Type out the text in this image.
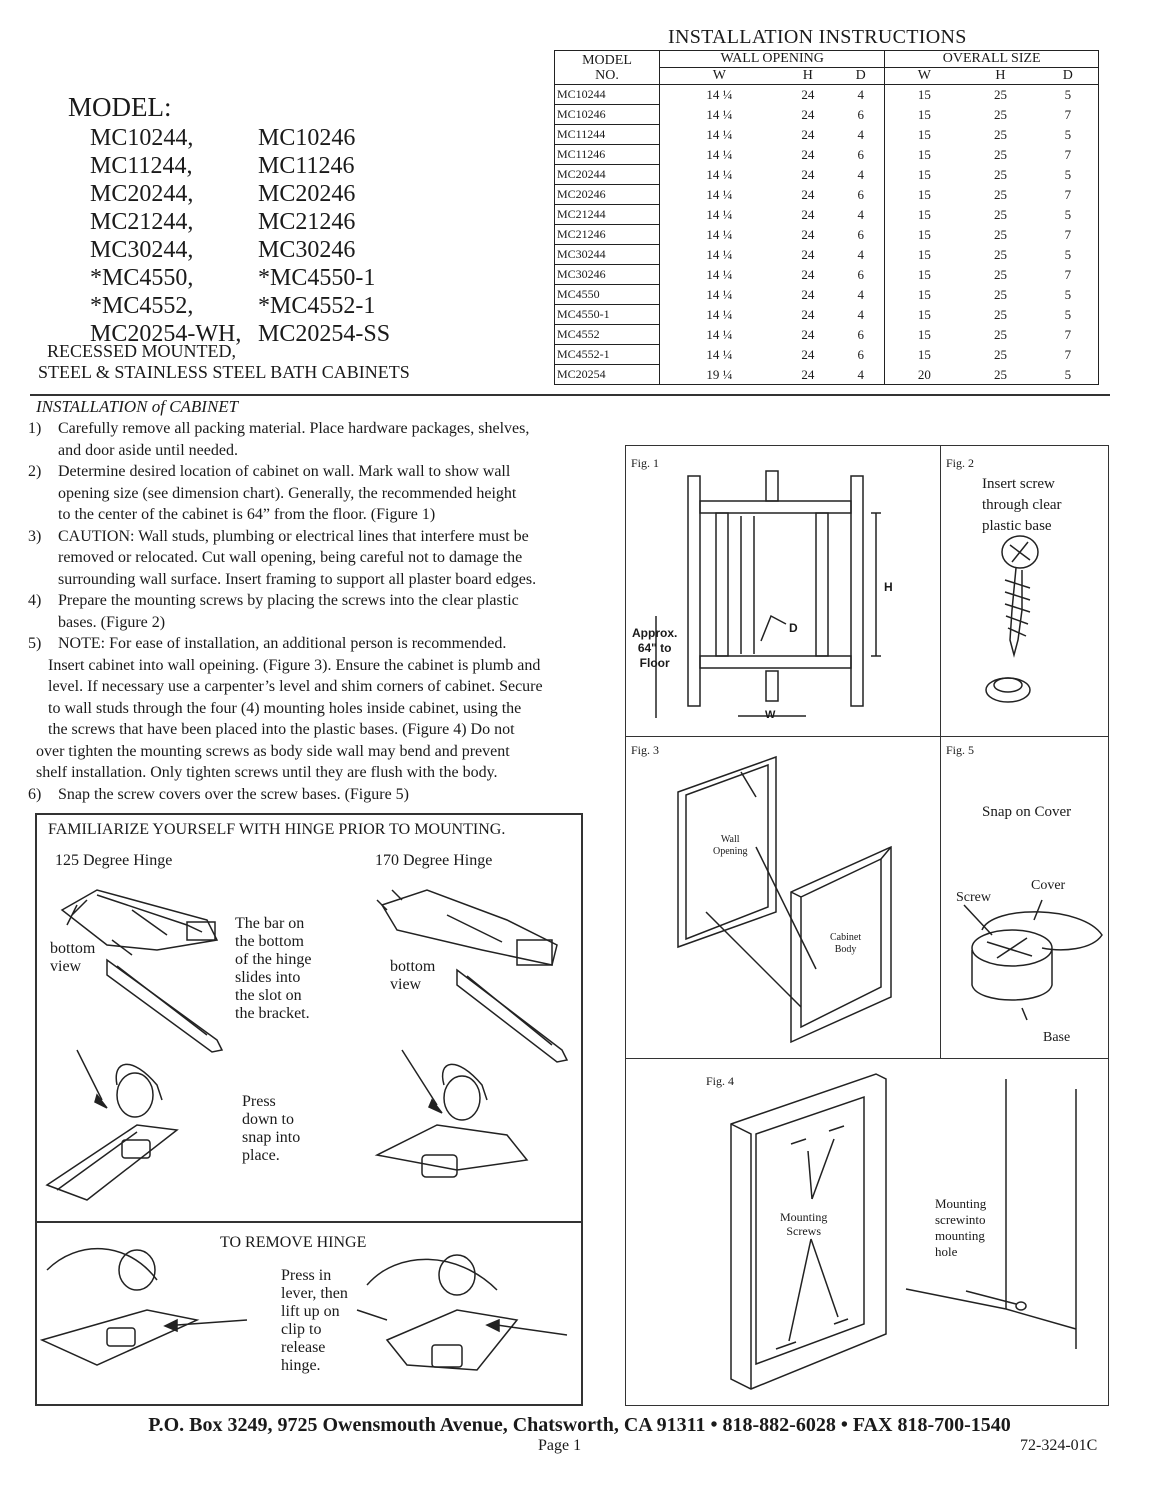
MODEL:
MC10244,	MC10246
MC11244,	MC11246
MC20244,	MC20246
MC21244,	MC21246
MC30244,	MC30246
*MC4550,	*MC4550-1
*MC4552,	*MC4552-1
MC20254-WH, MC20254-SS
RECESSED MOUNTED,
STEEL & STAINLESS STEEL BATH CABINETS
INSTALLATION INSTRUCTIONS
MODEL
NO.	WALL OPENING			OVERALL SIZE		
	W	H	D	W	H	D
MC10244	14 ¼	24	4	15	25	5
MC10246	14 ¼	24	6	15	25	7
MC11244	14 ¼	24	4	15	25	5
MC11246	14 ¼	24	6	15	25	7
MC20244	14 ¼	24	4	15	25	5
MC20246	14 ¼	24	6	15	25	7
MC21244	14 ¼	24	4	15	25	5
MC21246	14 ¼	24	6	15	25	7
MC30244	14 ¼	24	4	15	25	5
MC30246	14 ¼	24	6	15	25	7
MC4550	14 ¼	24	4	15	25	5
MC4550-1	14 ¼	24	4	15	25	5
MC4552	14 ¼	24	6	15	25	7
MC4552-1	14 ¼	24	6	15	25	7
MC20254	19 ¼	24	4	20	25	5
INSTALLATION of CABINET
1)	Carefully remove all packing material. Place hardware packages, shelves,
and door aside until needed.
2)	Determine desired location of cabinet on wall. Mark wall to show wall
opening size (see dimension chart). Generally, the recommended height
to the center of the cabinet is 64” from the floor. (Figure 1)
3)	CAUTION: Wall studs, plumbing or electrical lines that interfere must be
removed or relocated. Cut wall opening, being careful not to damage the
surrounding wall surface. Insert framing to support all plaster board edges.
4)	Prepare the mounting screws by placing the screws into the clear plastic
bases. (Figure 2)
5)	NOTE: For ease of installation, an additional person is recommended.
Insert cabinet into wall opeining. (Figure 3). Ensure the cabinet is plumb and
level. If necessary use a carpenter’s level and shim corners of cabinet. Secure
to wall studs through the four (4) mounting holes inside cabinet, using the
the screws that have been placed into the plastic bases. (Figure 4) Do not
over tighten the mounting screws as body side wall may bend and prevent
shelf installation. Only tighten screws until they are flush with the body.
6)	Snap the screw covers over the screw bases. (Figure 5)
FAMILIARIZE YOURSELF WITH HINGE PRIOR TO MOUNTING.
125 Degree Hinge	170 Degree Hinge
bottom
view	bottom
view
The bar on
the bottom
of the hinge
slides into
the slot on
the bracket.
Press
down to
snap into
place.
TO REMOVE HINGE
Press in
lever, then
lift up on
clip to
release
hinge.
Fig. 1
H
D
W
Approx.
64" to
Floor
Fig. 2
Insert screw
through clear
plastic base
Fig. 3
Wall
Opening
Cabinet
Body
Fig. 5
Snap on Cover
Cover
Screw
Base
Fig. 4
Mounting
Screws
Mounting
screwinto
mounting
hole
P.O. Box 3249, 9725 Owensmouth Avenue, Chatsworth, CA 91311 • 818-882-6028 • FAX 818-700-1540
Page 1	72-324-01C
